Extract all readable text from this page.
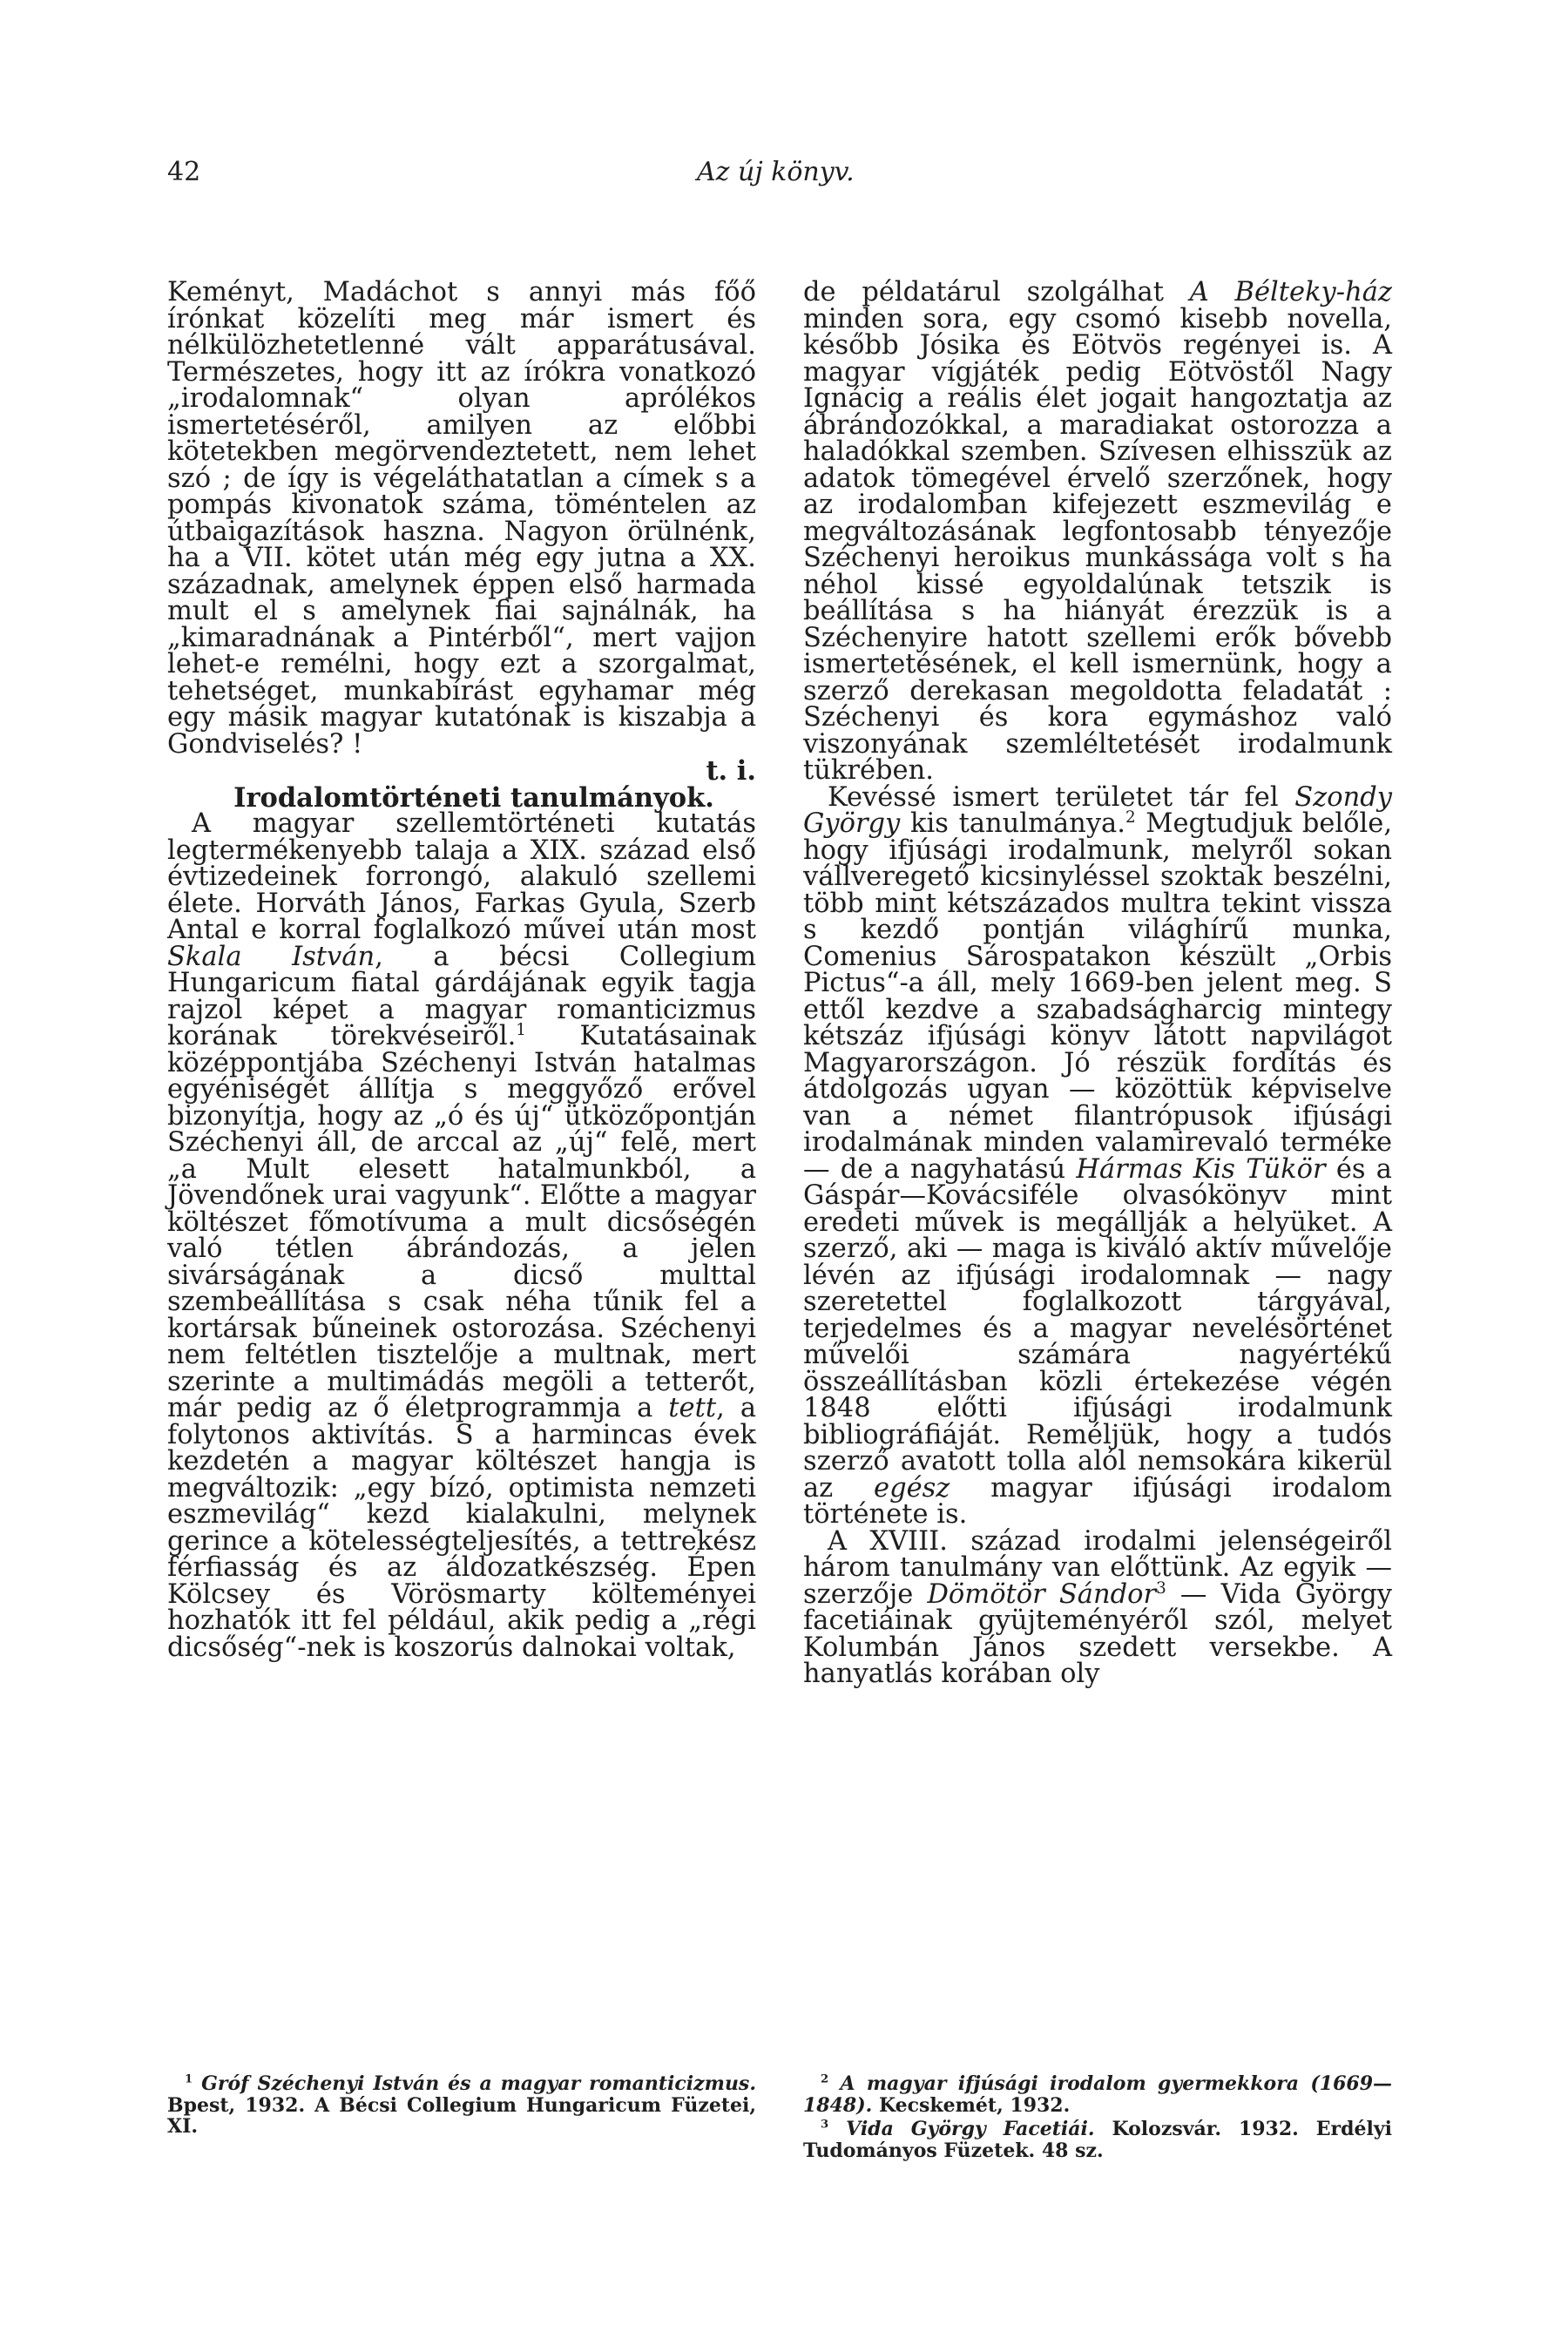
42	Az új könyv.

Keményt, Madáchot s annyi más főő írónkat közelíti meg már ismert és nélkülözhetetlenné vált apparátusával. Természetes, hogy itt az írókra vonatkozó „irodalomnak“ olyan aprólékos ismertetéséről, amilyen az előbbi kötetekben megörvendeztetett, nem lehet szó ; de így is végeláthatatlan a címek s a pompás kivonatok száma, töméntelen az útbaigazítások haszna. Nagyon örülnénk, ha a VII. kötet után még egy jutna a XX. századnak, amelynek éppen első harmada mult el s amelynek fiai sajnálnák, ha „kimaradnának a Pintérből“, mert vajjon lehet-e remélni, hogy ezt a szorgalmat, tehetséget, munkabírást egyhamar még egy másik magyar kutatónak is kiszabja a Gondviselés? !

t. i.

Irodalomtörténeti tanulmányok.

A magyar szellemtörténeti kutatás legtermékenyebb talaja a XIX. század első évtizedeinek forrongó, alakuló szellemi élete. Horváth János, Farkas Gyula, Szerb Antal e korral foglalkozó művei után most Skala István, a bécsi Collegium Hungaricum fiatal gárdájának egyik tagja rajzol képet a magyar romanticizmus korának törekvéseiről.$^1$ Kutatásainak középpontjába Széchenyi István hatalmas egyéniségét állítja s meggyőző erővel bizonyítja, hogy az „ó és új“ ütközőpontján Széchenyi áll, de arccal az „új“ felé, mert „a Mult elesett hatalmunkból, a Jövendőnek urai vagyunk“. Előtte a magyar költészet főmotívuma a mult dicsőségén való tétlen ábrándozás, a jelen sivárságának a dicső multtal szembeállítása s csak néha tűnik fel a kortársak bűneinek ostorozása. Széchenyi nem feltétlen tisztelője a multnak, mert szerinte a multimádás megöli a tetterőt, már pedig az ő életprogrammja a tett, a folytonos aktivítás. S a harmincas évek kezdetén a magyar költészet hangja is megváltozik: „egy bízó, optimista nemzeti eszmevilág“ kezd kialakulni, melynek gerince a kötelességteljesítés, a tettrekész férfiasság és az áldozatkészség. Épen Kölcsey és Vörösmarty költeményei hozhatók itt fel például, akik pedig a „régi dicsőség“-nek is koszorús dalnokai voltak,

de példatárul szolgálhat A Bélteky-ház minden sora, egy csomó kisebb novella, később Jósika és Eötvös regényei is. A magyar vígjáték pedig Eötvöstől Nagy Ignácig a reális élet jogait hangoztatja az ábrándozókkal, a maradiakat ostorozza a haladókkal szemben. Szívesen elhisszük az adatok tömegével érvelő szerzőnek, hogy az irodalomban kifejezett eszmevilág e megváltozásának legfontosabb tényezője Széchenyi heroikus munkássága volt s ha néhol kissé egyoldalúnak tetszik is beállítása s ha hiányát érezzük is a Széchenyire hatott szellemi erők bővebb ismertetésének, el kell ismernünk, hogy a szerző derekasan megoldotta feladatát : Széchenyi és kora egymáshoz való viszonyának szemléltetését irodalmunk tükrében.

Kevéssé ismert területet tár fel Szondy György kis tanulmánya.$^2$ Megtudjuk belőle, hogy ifjúsági irodalmunk, melyről sokan vállveregető kicsinyléssel szoktak beszélni, több mint kétszázados multra tekint vissza s kezdő pontján világhírű munka, Comenius Sárospatakon készült „Orbis Pictus“-a áll, mely 1669-ben jelent meg. S ettől kezdve a szabadságharcig mintegy kétszáz ifjúsági könyv látott napvilágot Magyarországon. Jó részük fordítás és átdolgozás ugyan — közöttük képviselve van a német filantrópusok ifjúsági irodalmának minden valamirevaló terméke — de a nagyhatású Hármas Kis Tükör és a Gáspár—Kovácsiféle olvasókönyv mint eredeti művek is megállják a helyüket. A szerző, aki — maga is kiváló aktív művelője lévén az ifjúsági irodalomnak — nagy szeretettel foglalkozott tárgyával, terjedelmes és a magyar nevelésörténet művelői számára nagyértékű összeállításban közli értekezése végén 1848 előtti ifjúsági irodalmunk bibliográfiáját. Reméljük, hogy a tudós szerző avatott tolla alól nemsokára kikerül az egész magyar ifjúsági irodalom története is.

A XVIII. század irodalmi jelenségeiről három tanulmány van előttünk. Az egyik — szerzője Dömötör Sándor$^3$ — Vida György facetiáinak gyüjteményéről szól, melyet Kolumbán János szedett versekbe. A hanyatlás korában oly

$^1$ Gróf Széchenyi István és a magyar romanticizmus. Bpest, 1932. A Bécsi Collegium Hungaricum Füzetei, XI.

$^2$ A magyar ifjúsági irodalom gyermekkora (1669—1848). Kecskemét, 1932.

$^3$ Vida György Facetiái. Kolozsvár. 1932. Erdélyi Tudományos Füzetek. 48 sz.
